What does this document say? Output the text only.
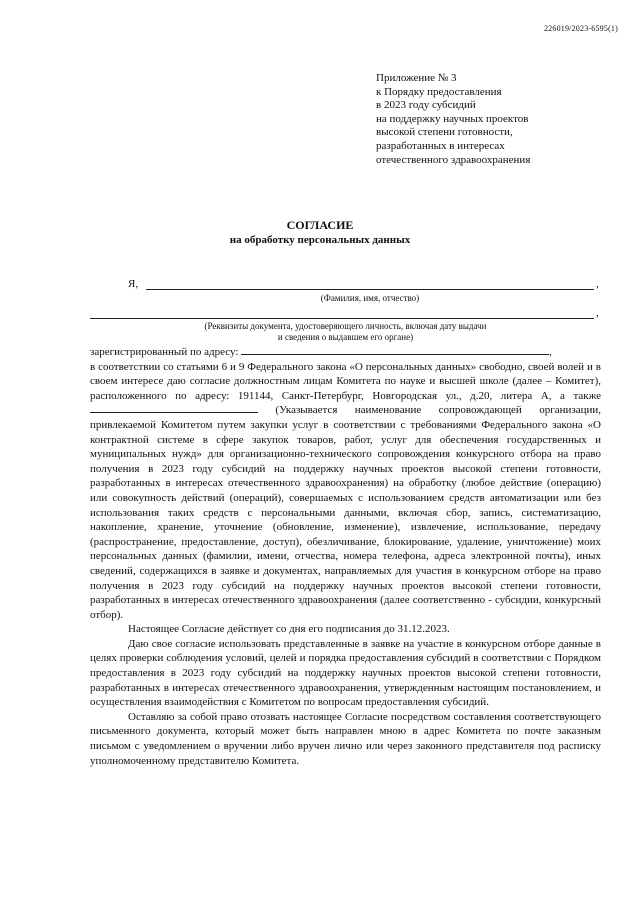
226019/2023-6595(1)
Приложение № 3
к Порядку предоставления
в 2023 году субсидий
на поддержку научных проектов
высокой степени готовности,
разработанных в интересах
отечественного здравоохранения
СОГЛАСИЕ
на обработку персональных данных
Я,	,
(Фамилия, имя, отчество)
,
(Реквизиты документа, удостоверяющего личность, включая дату выдачи
и сведения о выдавшем его органе)

зарегистрированный по адресу:	,

в соответствии со статьями 6 и 9 Федерального закона «О персональных данных» свободно, своей волей и в своем интересе даю согласие должностным лицам Комитета по науке и высшей школе (далее – Комитет), расположенного по адресу: 191144, Санкт-Петербург, Новгородская ул., д.20, литера А, а также  (Указывается наименование сопровождающей организации, привлекаемой Комитетом путем закупки услуг в соответствии с требованиями Федерального закона «О контрактной системе в сфере закупок товаров, работ, услуг для обеспечения государственных и муниципальных нужд» для организационно-технического сопровождения конкурсного отбора на право получения в 2023 году субсидий на поддержку научных проектов высокой степени готовности, разработанных в интересах отечественного здравоохранения) на обработку (любое действие (операцию) или совокупность действий (операций), совершаемых с использованием средств автоматизации или без использования таких средств с персональными данными, включая сбор, запись, систематизацию, накопление, хранение, уточнение (обновление, изменение), извлечение, использование, передачу (распространение, предоставление, доступ), обезличивание, блокирование, удаление, уничтожение) моих персональных данных (фамилии, имени, отчества, номера телефона, адреса электронной почты), иных сведений, содержащихся в заявке и документах, направляемых для участия в конкурсном отборе на право получения в 2023 году субсидий на поддержку научных проектов высокой степени готовности, разработанных в интересах отечественного здравоохранения (далее соответственно - субсидии, конкурсный отбор).

Настоящее Согласие действует со дня его подписания до 31.12.2023.

Даю свое согласие использовать представленные в заявке на участие в конкурсном отборе данные в целях проверки соблюдения условий, целей и порядка предоставления субсидий в соответствии с Порядком предоставления в 2023 году субсидий на поддержку научных проектов высокой степени готовности, разработанных в интересах отечественного здравоохранения, утвержденным настоящим постановлением, и осуществления взаимодействия с Комитетом по вопросам предоставления субсидий.

Оставляю за собой право отозвать настоящее Согласие посредством составления соответствующего письменного документа, который может быть направлен мною в адрес Комитета по почте заказным письмом с уведомлением о вручении либо вручен лично или через законного представителя под расписку уполномоченному представителю Комитета.
